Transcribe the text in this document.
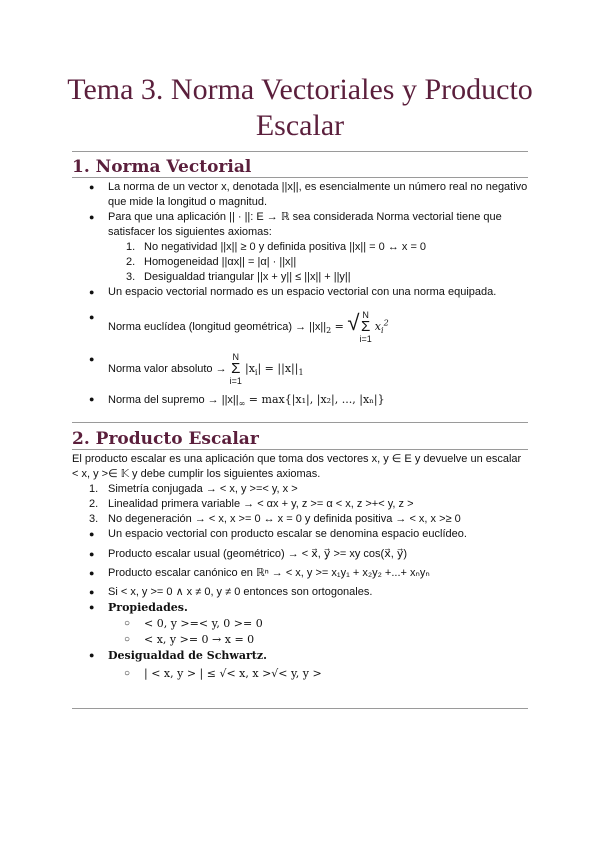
Tema 3. Norma Vectoriales y Producto Escalar
1. Norma Vectorial
● La norma de un vector x, denotada ||x||, es esencialmente un número real no negativo que mide la longitud o magnitud.
● Para que una aplicación || · ||: E → ℝ sea considerada Norma vectorial tiene que satisfacer los siguientes axiomas:
1. No negatividad ||x|| ≥ 0 y definida positiva ||x|| = 0 ↔ x = 0
2. Homogeneidad ||αx|| = |α| · ||x||
3. Desigualdad triangular ||x + y|| ≤ ||x|| + ||y||
● Un espacio vectorial normado es un espacio vectorial con una norma equipada.
●
Norma euclídea (longitud geométrica) → $||x||_2$ = √ N
Σ
i=1 $x_i^2$
●
Norma valor absoluto → N
Σ
i=1 $|x_i| = ||x||_1$
● Norma del supremo → $||x||_\infty = \max\{|x_1|$, |x₂|, ..., |xₙ|}
2. Producto Escalar
El producto escalar es una aplicación que toma dos vectores x, y ∈ E y devuelve un escalar < x, y >∈ 𝕂 y debe cumplir los siguientes axiomas.
1. Simetría conjugada → < x, y >=< y, x >
2. Linealidad primera variable → < αx + y, z >= α < x, z >+< y, z >
3. No degeneración → < x, x >= 0 ↔ x = 0 y definida positiva → < x, x >≥ 0
● Un espacio vectorial con producto escalar se denomina espacio euclídeo.
● Producto escalar usual (geométrico) → < x⃗, y⃗ >= xy cos(x⃗, y⃗)
● Producto escalar canónico en ℝⁿ → < x, y >= x₁y₁ + x₂y₂ +...+ xₙyₙ
● Si < x, y >= 0 ∧ x ≠ 0, y ≠ 0 entonces son ortogonales.
● Propiedades.
○ < 0, y >=< y, 0 >= 0
○ < x, y >= 0 → x = 0
● Desigualdad de Schwartz.
○ | < x, y > | ≤ √< x, x >√< y, y >
